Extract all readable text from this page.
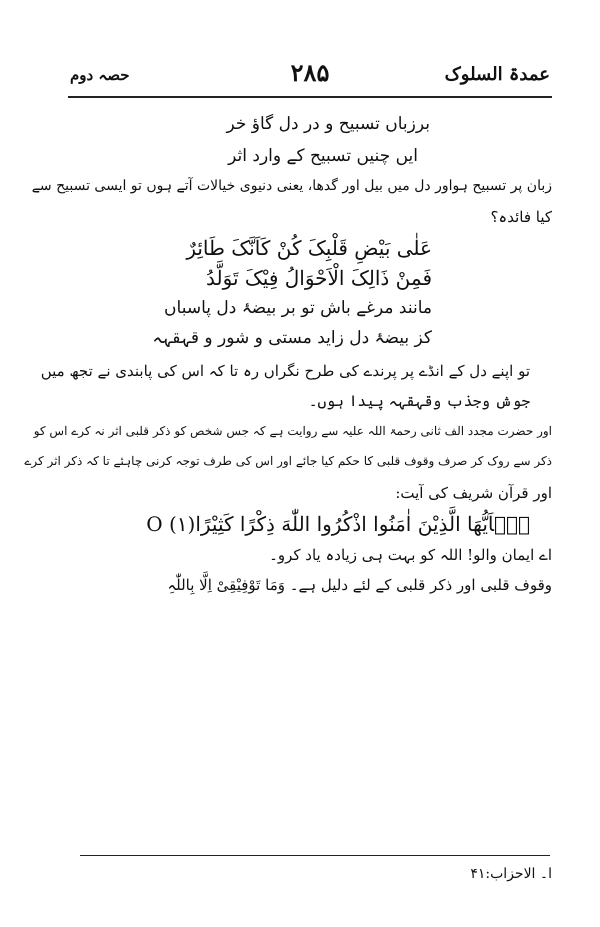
عمدۃ السلوک
۲۸۵
حصہ دوم
برزباں تسبیح و در دل گاؤ خر
ایں چنیں تسبیح کے وارد اثر
زبان پر تسبیح ہواور دل میں بیل اور گدھا، یعنی دنیوی خیالات آتے ہوں تو ایسی تسبیح سے
کیا فائدہ؟
عَلٰی بَیْضِ قَلْبِکَ کُنْ کَاَنَّکَ طَائِرٌ
فَمِنْ ذَالِکَ الْاَحْوَالُ فِیْکَ تَوَلَّدُ
مانند مرغے باش تو بر بیضۂ دل پاسباں
کز بیضۂ دل زاید مستی و شور و قہقہہ
تو اپنے دل کے انڈے پر پرندے کی طرح نگراں رہ تا کہ اس کی پابندی نے تجھ میں
جوش وجذب وقہقہہ پیدا ہوں۔
اور حضرت مجدد الف ثانی رحمۃ اللہ علیہ سے روایت ہے کہ جس شخص کو ذکر قلبی اثر نہ کرے اس کو
ذکر سے روک کر صرف وقوف قلبی کا حکم کیا جائے اور اس کی طرف توجہ کرنی چاہئے تا کہ ذکر اثر کرے
اور قرآن شریف کی آیت:
یٰۤاَیُّهَا الَّذِیْنَ اٰمَنُوا اذْكُرُوا اللّٰهَ ذِكْرًا كَثِیْرًاO (۱)
اے ایمان والو! اللہ کو بہت ہی زیادہ یاد کرو۔
وقوف قلبی اور ذکر قلبی کے لئے دلیل ہے۔ وَمَا تَوْفِیْقِیْ اِلَّا بِاللّٰہِ
ا۔ الاحزاب:۴۱
